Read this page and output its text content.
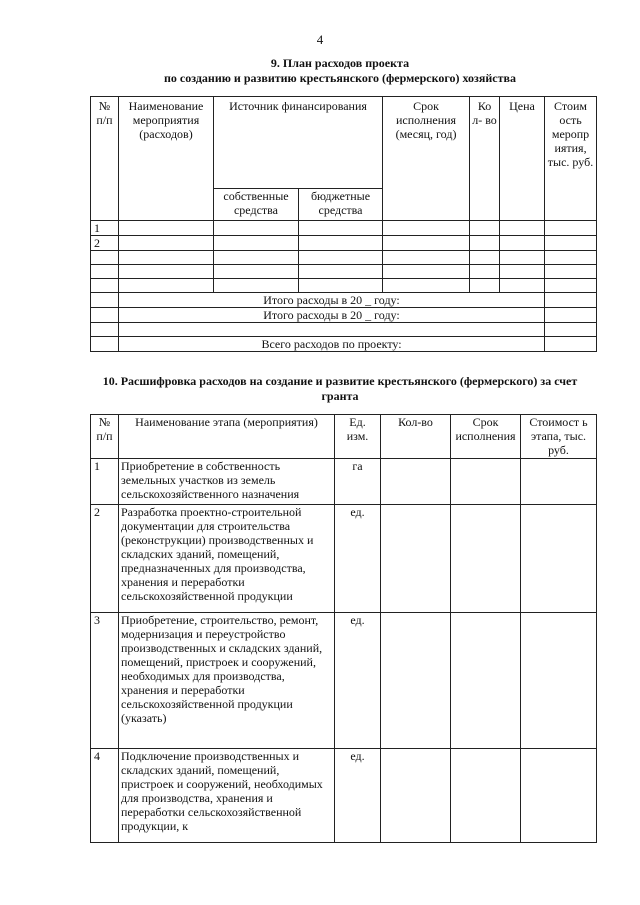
4
9. План расходов проекта
по созданию и развитию крестьянского (фермерского) хозяйства
№ п/п	Наименование мероприятия (расходов)	Источник финансирования		Срок исполнения (месяц, год)	Ко л- во	Цена	Стоим ость меропр иятия, тыс. руб.
		собственные средства	бюджетные средства				
1							
2							

	Итого расходы в 20 _ году:						
	Итого расходы в 20 _ году:						

	Всего расходов по проекту:						
10. Расшифровка расходов на создание и развитие крестьянского (фермерского) за счет
гранта
№ п/п	Наименование этапа (мероприятия)	Ед. изм.	Кол-во	Срок исполнения	Стоимост ь этапа, тыс. руб.
1	Приобретение в собственность земельных участков из земель сельскохозяйственного назначения	га			
2	Разработка проектно-строительной документации для строительства (реконструкции) производственных и складских зданий, помещений, предназначенных для производства, хранения и переработки сельскохозяйственной продукции	ед.			
3	Приобретение, строительство, ремонт, модернизация и переустройство производственных и складских зданий, помещений, пристроек и сооружений, необходимых для производства, хранения и переработки сельскохозяйственной продукции (указать)	ед.			
4	Подключение производственных и складских зданий, помещений, пристроек и сооружений, необходимых для производства, хранения и переработки сельскохозяйственной продукции, к	ед.			
